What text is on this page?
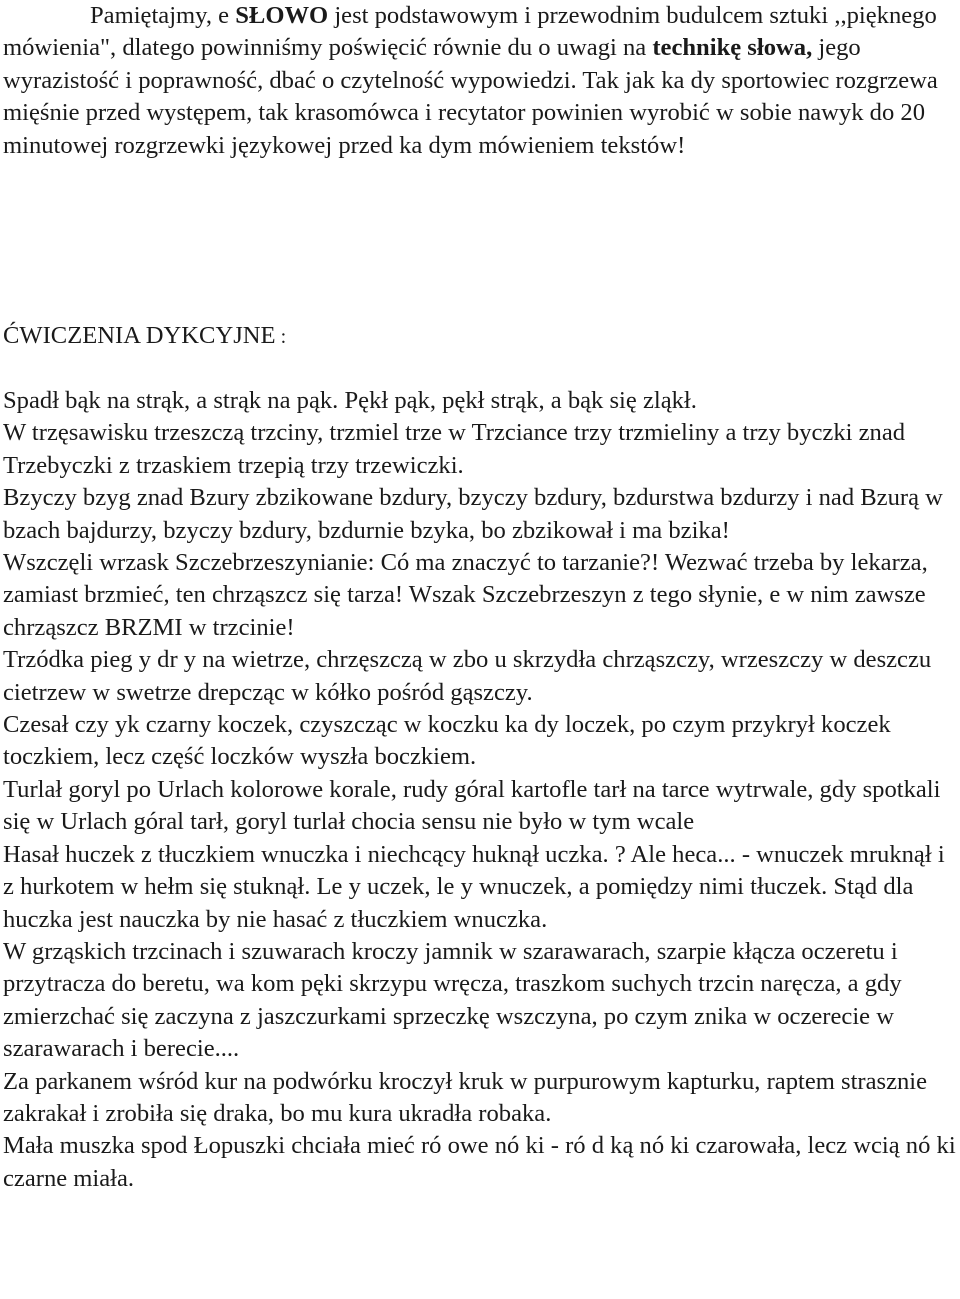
Pamiętajmy, e SŁOWO jest podstawowym i przewodnim budulcem sztuki ,,pięknego mówienia", dlatego powinniśmy poświęcić równie du o uwagi na technikę słowa, jego wyrazistość i poprawność, dbać o czytelność wypowiedzi. Tak jak ka dy sportowiec rozgrzewa mięśnie przed występem, tak krasomówca i recytator powinien wyrobić w sobie nawyk do 20 minutowej rozgrzewki językowej przed ka dym mówieniem tekstów!

ĆWICZENIA DYKCYJNE :

Spadł bąk na strąk, a strąk na pąk. Pękł pąk, pękł strąk, a bąk się zląkł.

W trzęsawisku trzeszczą trzciny, trzmiel trze w Trzciance trzy trzmieliny a trzy byczki znad Trzebyczki z trzaskiem trzepią trzy trzewiczki.

Bzyczy bzyg znad Bzury zbzikowane bzdury, bzyczy bzdury, bzdurstwa bzdurzy i nad Bzurą w bzach bajdurzy, bzyczy bzdury, bzdurnie bzyka, bo zbzikował i ma bzika!

Wszczęli wrzask Szczebrzeszynianie: Có ma znaczyć to tarzanie?! Wezwać trzeba by lekarza, zamiast brzmieć, ten chrząszcz się tarza! Wszak Szczebrzeszyn z tego słynie, e w nim zawsze chrząszcz BRZMI w trzcinie!

Trzódka pieg y dr y na wietrze, chrzęszczą w zbo u skrzydła chrząszczy, wrzeszczy w deszczu cietrzew w swetrze drepcząc w kółko pośród gąszczy.

Czesał czy yk czarny koczek, czyszcząc w koczku ka dy loczek, po czym przykrył koczek toczkiem, lecz część loczków wyszła boczkiem.

Turlał goryl po Urlach kolorowe korale, rudy góral kartofle tarł na tarce wytrwale, gdy spotkali się w Urlach góral tarł, goryl turlał chocia sensu nie było w tym wcale

Hasał huczek z tłuczkiem wnuczka i niechcący huknął uczka. ? Ale heca... - wnuczek mruknął i z hurkotem w hełm się stuknął. Le y uczek, le y wnuczek, a pomiędzy nimi tłuczek. Stąd dla huczka jest nauczka by nie hasać z tłuczkiem wnuczka.

W grząskich trzcinach i szuwarach kroczy jamnik w szarawarach, szarpie kłącza oczeretu i przytracza do beretu, wa kom pęki skrzypu wręcza, traszkom suchych trzcin naręcza, a gdy zmierzchać się zaczyna z jaszczurkami sprzeczkę wszczyna, po czym znika w oczerecie w szarawarach i berecie....

Za parkanem wśród kur na podwórku kroczył kruk w purpurowym kapturku, raptem strasznie zakrakał i zrobiła się draka, bo mu kura ukradła robaka.

Mała muszka spod Łopuszki chciała mieć ró owe nó ki - ró d ką nó ki czarowała, lecz wcią nó ki czarne miała.
